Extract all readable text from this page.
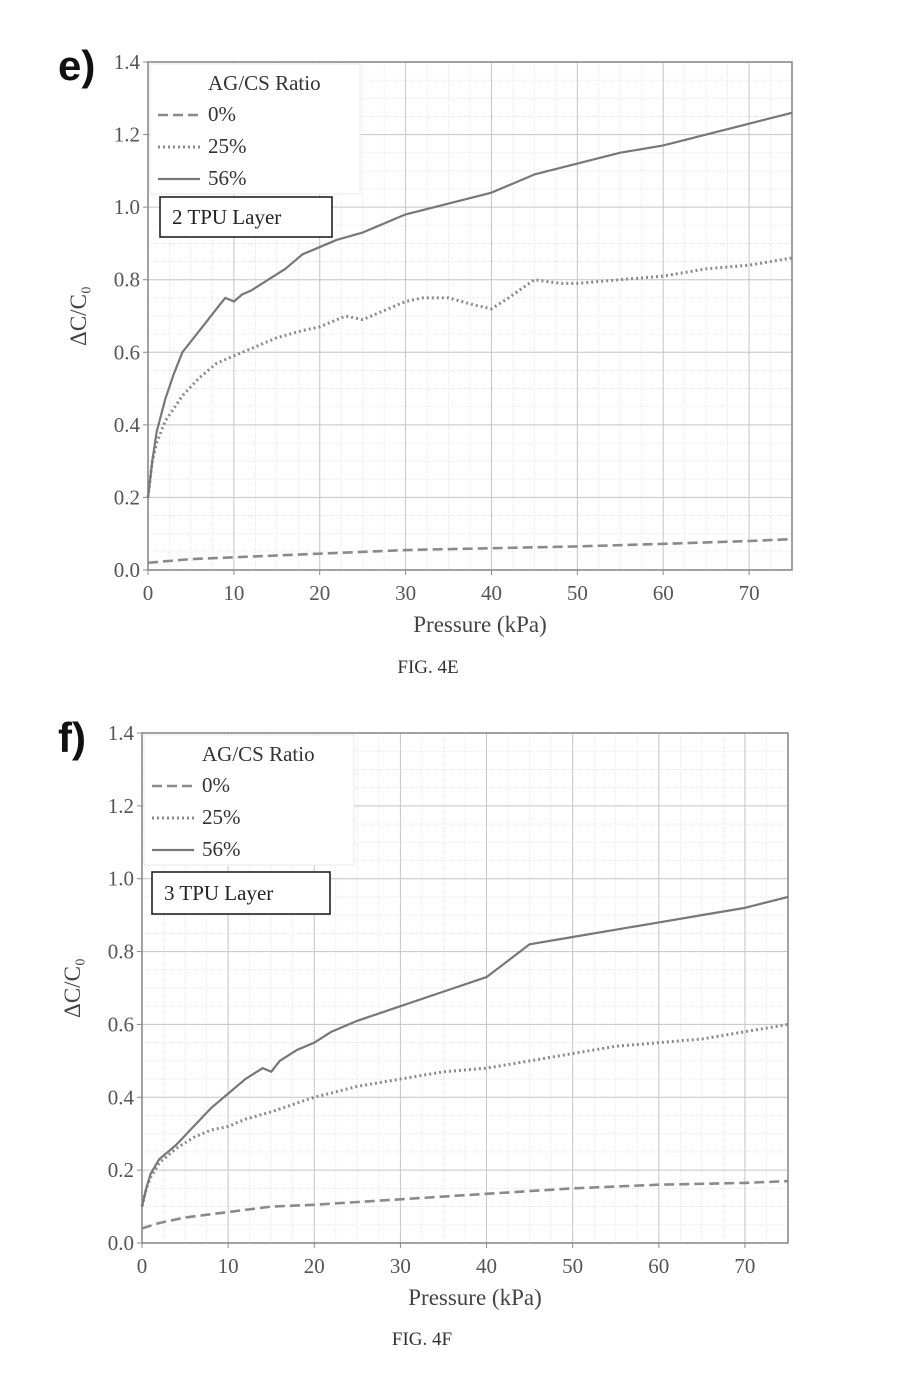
e)
0	10	20	30	40	50	60	70
0.0
0.2
0.4
0.6
0.8
1.0
1.2
1.4
Pressure (kPa)
ΔC/C₀
AG/CS Ratio
0%
25%
56%
2 TPU Layer
FIG. 4E
f)
0	10	20	30	40	50	60	70
0.0
0.2
0.4
0.6
0.8
1.0
1.2
1.4
Pressure (kPa)
ΔC/C₀
AG/CS Ratio
0%
25%
56%
3 TPU Layer
FIG. 4F
